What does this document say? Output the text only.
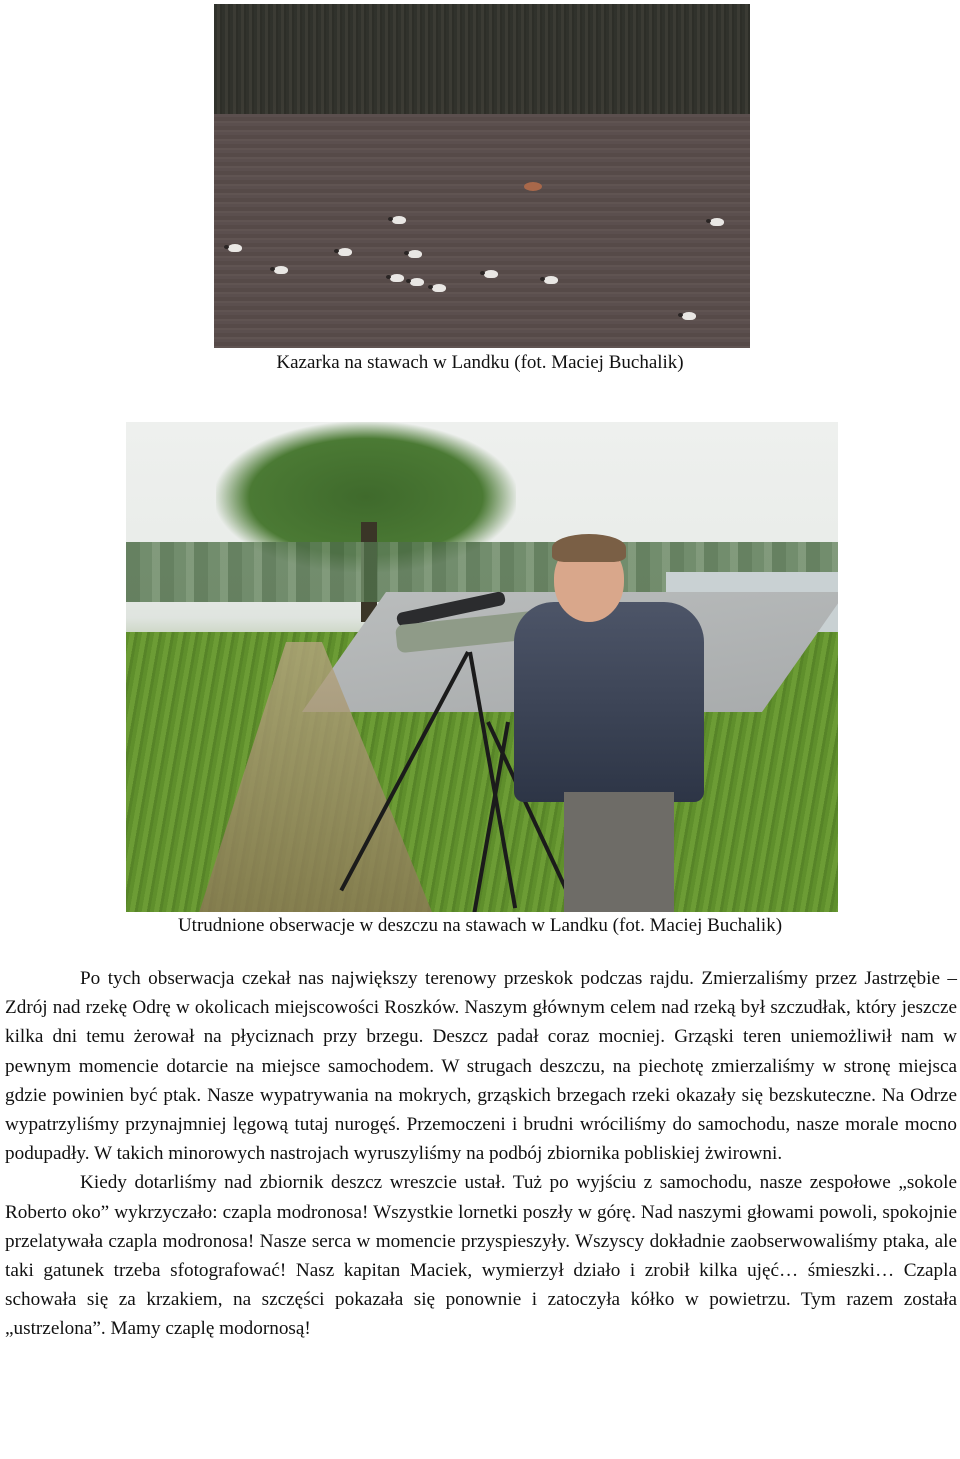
Kazarka na stawach w Landku (fot. Maciej Buchalik)
Utrudnione obserwacje w deszczu na stawach w Landku (fot. Maciej Buchalik)

Po tych obserwacja czekał nas największy terenowy przeskok podczas rajdu. Zmierzaliśmy przez Jastrzębie – Zdrój nad rzekę Odrę w okolicach miejscowości Roszków. Naszym głównym celem nad rzeką był szczudłak, który jeszcze kilka dni temu żerował na płyciznach przy brzegu. Deszcz padał coraz mocniej. Grząski teren uniemożliwił nam w pewnym momencie dotarcie na miejsce samochodem. W strugach deszczu, na piechotę zmierzaliśmy w stronę miejsca gdzie powinien być ptak. Nasze wypatrywania na mokrych, grząskich brzegach rzeki okazały się bezskuteczne. Na Odrze wypatrzyliśmy przynajmniej lęgową tutaj nurogęś. Przemoczeni i brudni wróciliśmy do samochodu, nasze morale mocno podupadły. W takich minorowych nastrojach wyruszyliśmy na podbój zbiornika pobliskiej żwirowni.

Kiedy dotarliśmy nad zbiornik deszcz wreszcie ustał. Tuż po wyjściu z samochodu, nasze zespołowe „sokole Roberto oko” wykrzyczało: czapla modronosa! Wszystkie lornetki poszły w górę. Nad naszymi głowami powoli, spokojnie przelatywała czapla modronosa! Nasze serca w momencie przyspieszyły. Wszyscy dokładnie zaobserwowaliśmy ptaka, ale taki gatunek trzeba sfotografować! Nasz kapitan Maciek, wymierzył działo i zrobił kilka ujęć… śmieszki… Czapla schowała się za krzakiem, na szczęści pokazała się ponownie i zatoczyła kółko w powietrzu. Tym razem została „ustrzelona”. Mamy czaplę modornosą!
